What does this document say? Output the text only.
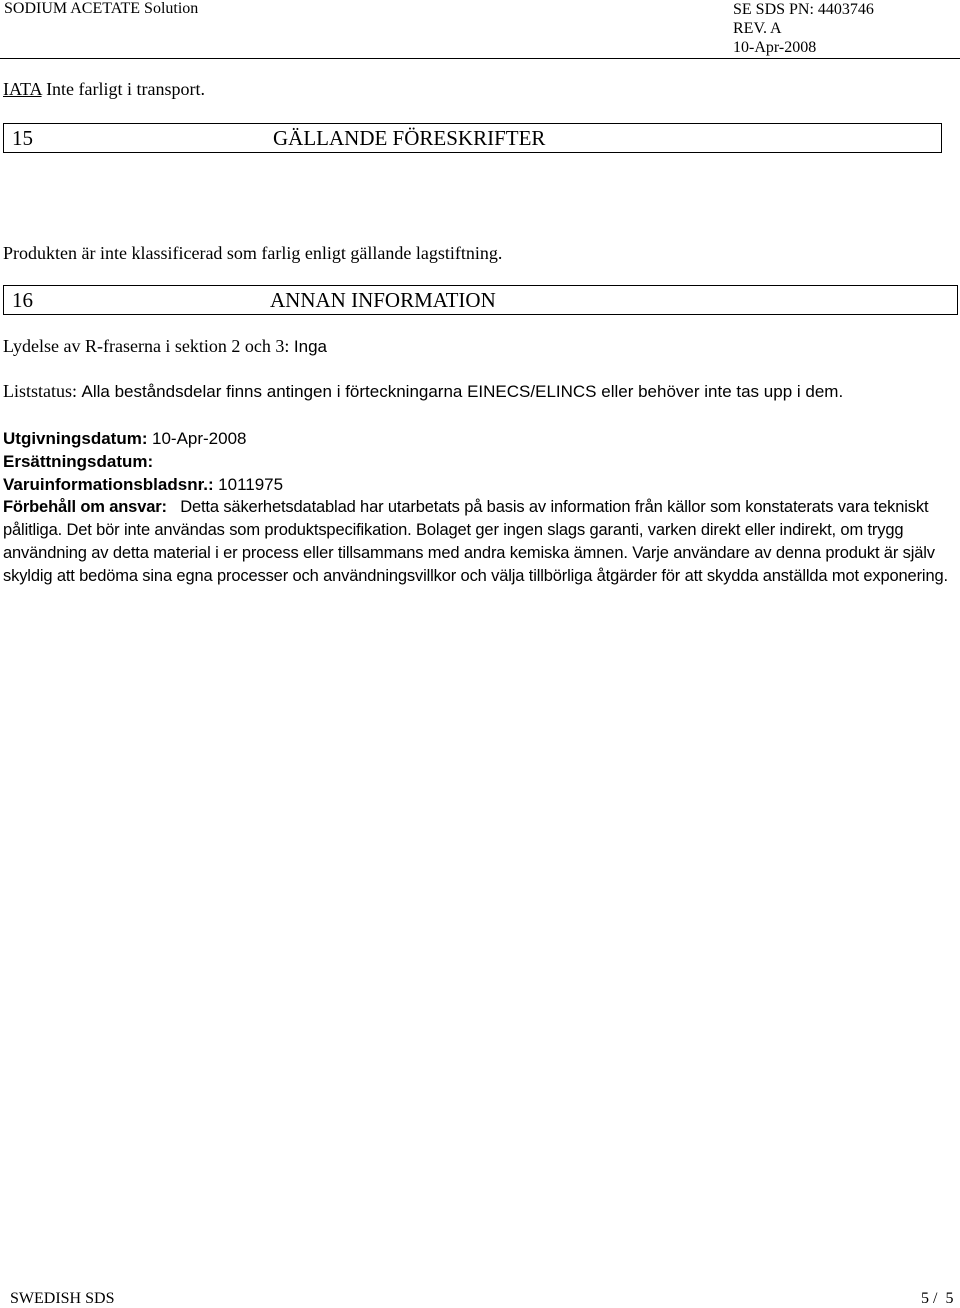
SODIUM ACETATE Solution	SE SDS PN: 4403746
REV. A
10-Apr-2008
IATA Inte farligt i transport.
15	GÄLLANDE FÖRESKRIFTER
Produkten är inte klassificerad som farlig enligt gällande lagstiftning.
16	ANNAN INFORMATION
Lydelse av R-fraserna i sektion 2 och 3: Inga
Liststatus: Alla beståndsdelar finns antingen i förteckningarna EINECS/ELINCS eller behöver inte tas upp i dem.
Utgivningsdatum: 10-Apr-2008
Ersättningsdatum:
Varuinformationsbladsnr.: 1011975
Förbehåll om ansvar: Detta säkerhetsdatablad har utarbetats på basis av information från källor som konstaterats vara tekniskt pålitliga. Det bör inte användas som produktspecifikation. Bolaget ger ingen slags garanti, varken direkt eller indirekt, om trygg användning av detta material i er process eller tillsammans med andra kemiska ämnen. Varje användare av denna produkt är själv skyldig att bedöma sina egna processer och användningsvillkor och välja tillbörliga åtgärder för att skydda anställda mot exponering.
SWEDISH SDS	5 /  5
